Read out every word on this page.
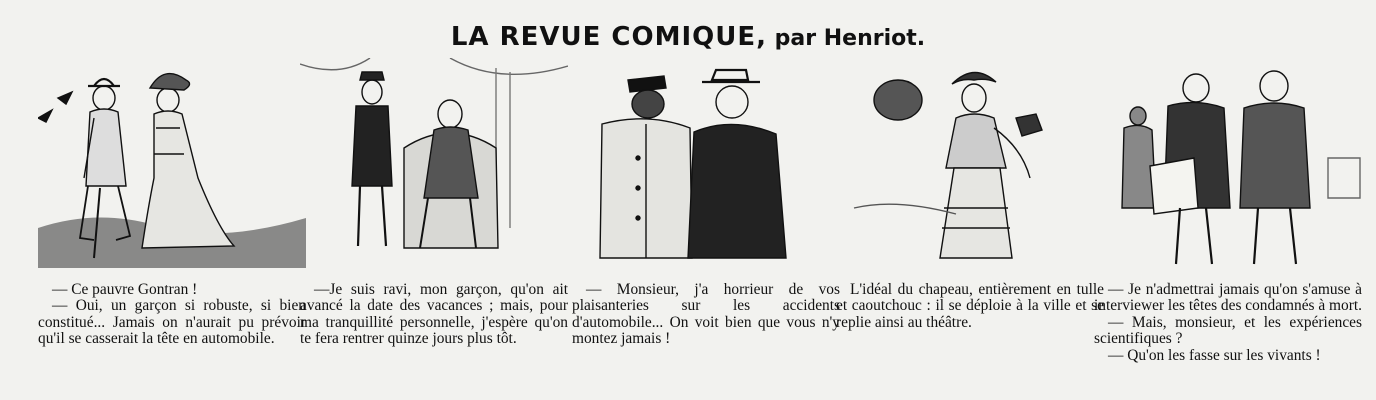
LA REVUE COMIQUE, par Henriot.

— Ce pauvre Gontran !

— Oui, un garçon si robuste, si bien constitué... Jamais on n'aurait pu prévoir qu'il se casserait la tête en automobile.

—Je suis ravi, mon garçon, qu'on ait avancé la date des vacances ; mais, pour ma tranquillité personnelle, j'espère qu'on te fera rentrer quinze jours plus tôt.

— Monsieur, j'a horrieur de vos plaisanteries sur les accidents d'automobile... On voit bien que vous n'y montez jamais !

L'idéal du chapeau, entièrement en tulle et caoutchouc : il se déploie à la ville et se replie ainsi au théâtre.

— Je n'admettrai jamais qu'on s'amuse à interviewer les têtes des condamnés à mort.

— Mais, monsieur, et les expériences scientifiques ?

— Qu'on les fasse sur les vivants !
